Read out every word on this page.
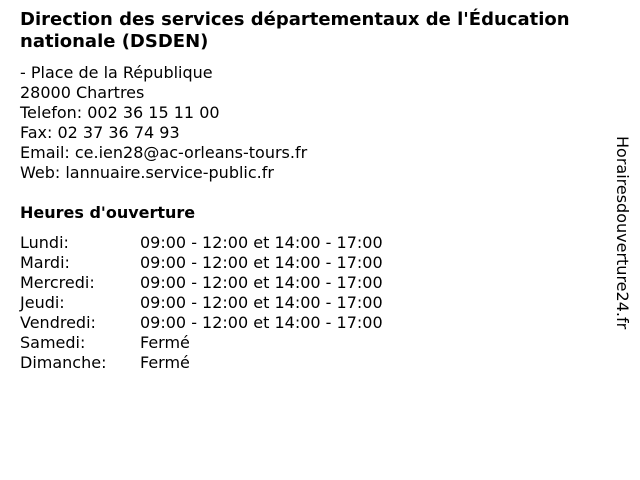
Direction des services départementaux de l'Éducation nationale (DSDEN)
- Place de la République
28000 Chartres
Telefon: 002 36 15 11 00
Fax: 02 37 36 74 93
Email: ce.ien28@ac-orleans-tours.fr
Web: lannuaire.service-public.fr
Heures d'ouverture
Lundi:	09:00 - 12:00 et 14:00 - 17:00
Mardi:	09:00 - 12:00 et 14:00 - 17:00
Mercredi:	09:00 - 12:00 et 14:00 - 17:00
Jeudi:	09:00 - 12:00 et 14:00 - 17:00
Vendredi:	09:00 - 12:00 et 14:00 - 17:00
Samedi:	Fermé
Dimanche:	Fermé
Horairesdouverture24.fr
